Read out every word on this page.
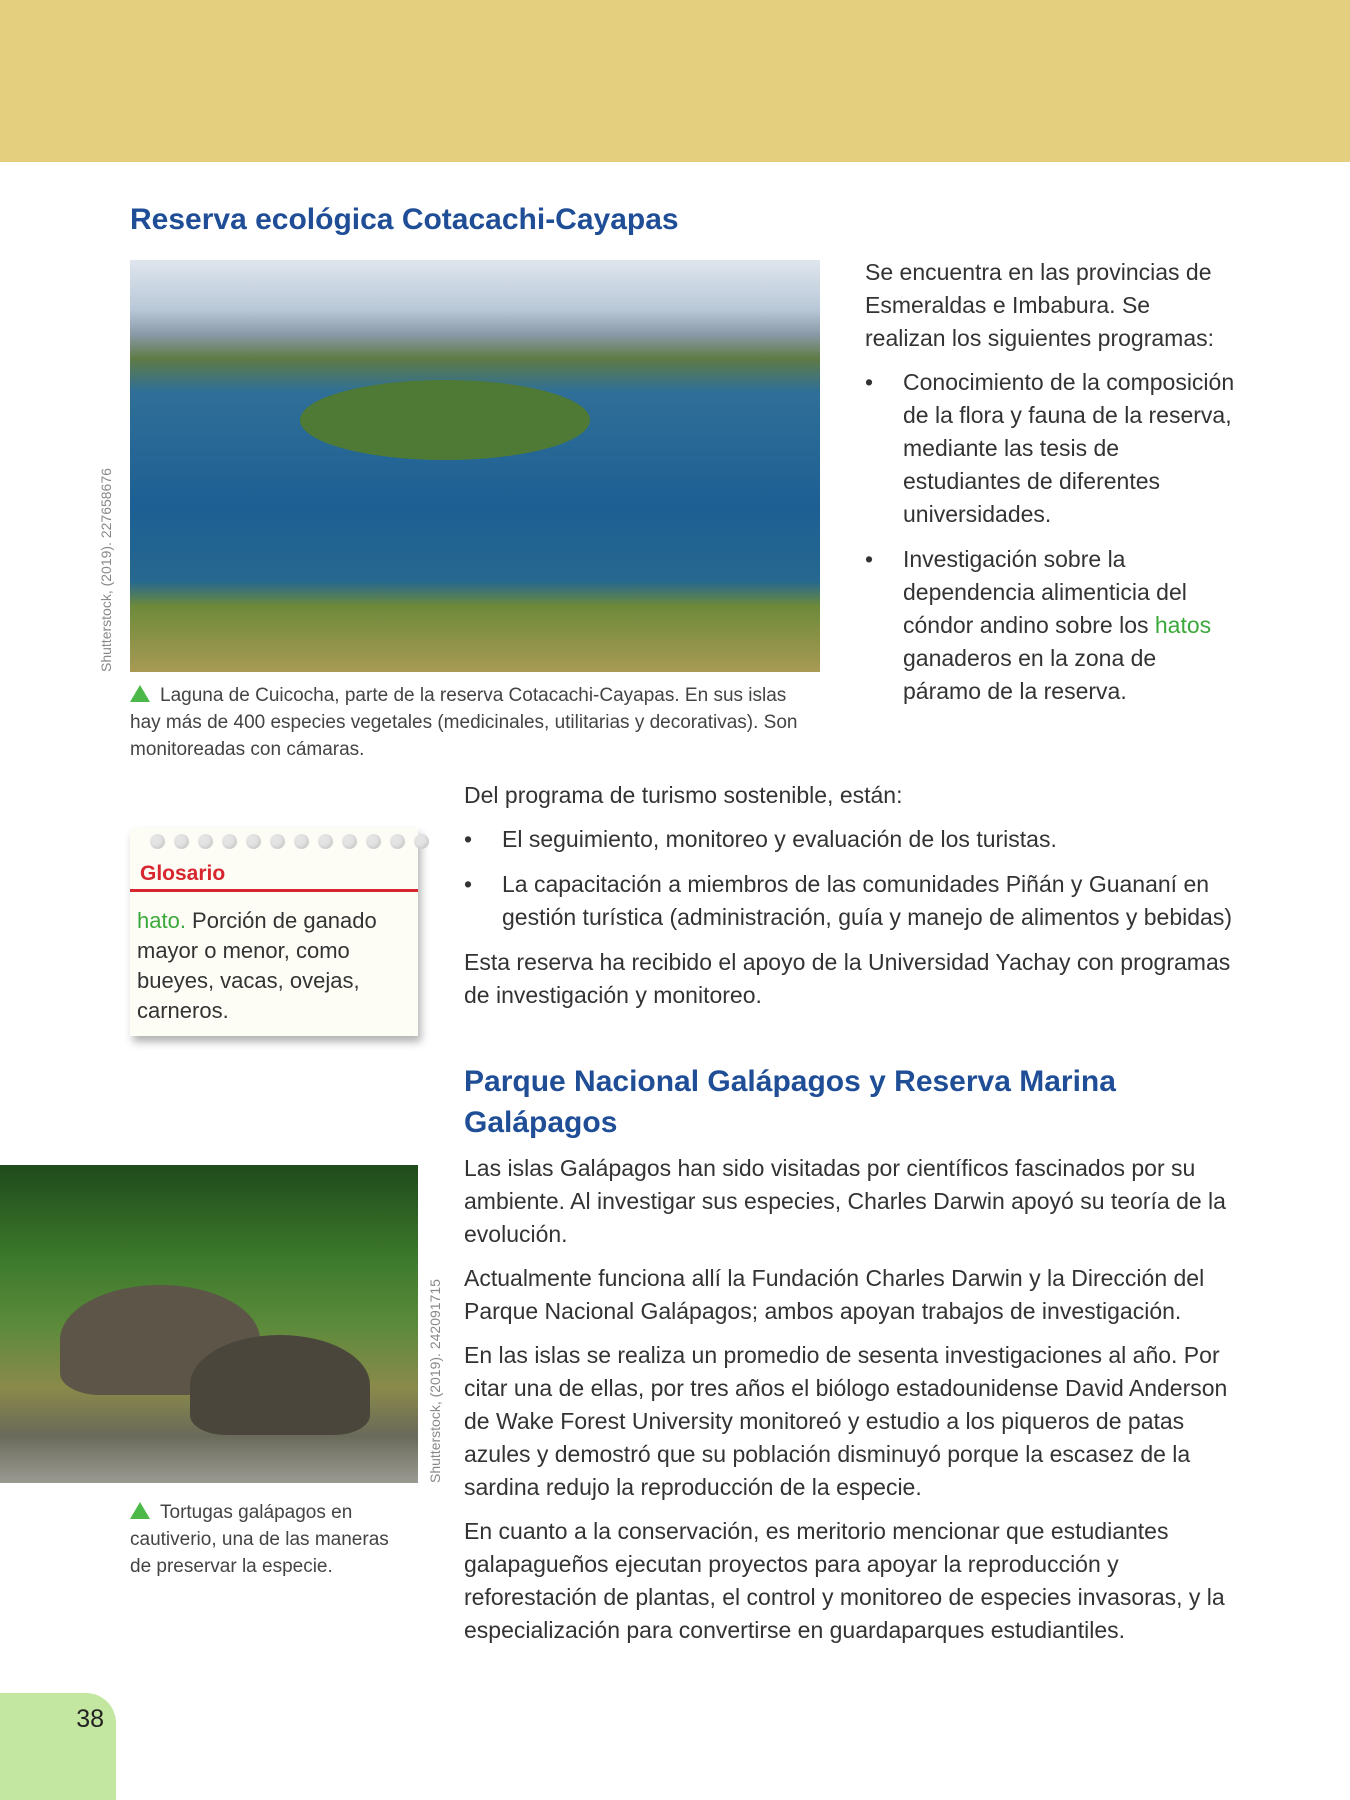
Reserva ecológica Cotacachi-Cayapas
Shutterstock, (2019). 227658676
Laguna de Cuicocha, parte de la reserva Cotacachi-Cayapas. En sus islas hay más de 400 especies vegetales (medicinales, utilitarias y decorativas). Son monitoreadas con cámaras.

Se encuentra en las provincias de Esmeraldas e Imbabura. Se realizan los siguientes programas:

• Conocimiento de la composición de la flora y fauna de la reserva, mediante las tesis de estudiantes de diferentes universidades.
• Investigación sobre la dependencia alimenticia del cóndor andino sobre los hatos ganaderos en la zona de páramo de la reserva.

Del programa de turismo sostenible, están:

• El seguimiento, monitoreo y evaluación de los turistas.
• La capacitación a miembros de las comunidades Piñán y Guananí en gestión turística (administración, guía y manejo de alimentos y bebidas)

Esta reserva ha recibido el apoyo de la Universidad Yachay con programas de investigación y monitoreo.

Glosario
hato. Porción de ganado mayor o menor, como bueyes, vacas, ovejas, carneros.
Parque Nacional Galápagos y Reserva Marina Galápagos
Shutterstock, (2019). 242091715
Tortugas galápagos en cautiverio, una de las maneras de preservar la especie.

Las islas Galápagos han sido visitadas por científicos fascinados por su ambiente. Al investigar sus especies, Charles Darwin apoyó su teoría de la evolución.

Actualmente funciona allí la Fundación Charles Darwin y la Dirección del Parque Nacional Galápagos; ambos apoyan trabajos de investigación.

En las islas se realiza un promedio de sesenta investigaciones al año. Por citar una de ellas, por tres años el biólogo estadounidense David Anderson de Wake Forest University monitoreó y estudio a los piqueros de patas azules y demostró que su población disminuyó porque la escasez de la sardina redujo la reproducción de la especie.

En cuanto a la conservación, es meritorio mencionar que estudiantes galapagueños ejecutan proyectos para apoyar la reproducción y reforestación de plantas, el control y monitoreo de especies invasoras, y la especialización para convertirse en guardaparques estudiantiles.

38
